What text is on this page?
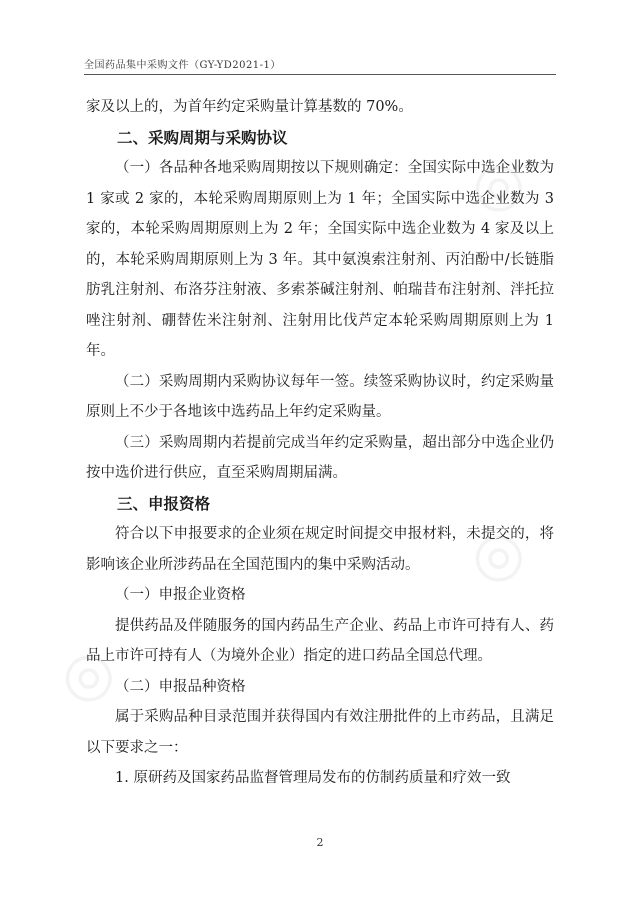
◎
◎
◎
全国药品集中采购文件（GY-YD2021-1）

家及以上的，为首年约定采购量计算基数的 70%。

二、采购周期与采购协议

（一）各品种各地采购周期按以下规则确定：全国实际中选企业数为 1 家或 2 家的，本轮采购周期原则上为 1 年；全国实际中选企业数为 3 家的，本轮采购周期原则上为 2 年；全国实际中选企业数为 4 家及以上的，本轮采购周期原则上为 3 年。其中氨溴索注射剂、丙泊酚中/长链脂肪乳注射剂、布洛芬注射液、多索茶碱注射剂、帕瑞昔布注射剂、泮托拉唑注射剂、硼替佐米注射剂、注射用比伐芦定本轮采购周期原则上为 1 年。

（二）采购周期内采购协议每年一签。续签采购协议时，约定采购量原则上不少于各地该中选药品上年约定采购量。

（三）采购周期内若提前完成当年约定采购量，超出部分中选企业仍按中选价进行供应，直至采购周期届满。

三、申报资格

符合以下申报要求的企业须在规定时间提交申报材料，未提交的，将影响该企业所涉药品在全国范围内的集中采购活动。

（一）申报企业资格

提供药品及伴随服务的国内药品生产企业、药品上市许可持有人、药品上市许可持有人（为境外企业）指定的进口药品全国总代理。

（二）申报品种资格

属于采购品种目录范围并获得国内有效注册批件的上市药品，且满足以下要求之一：

1. 原研药及国家药品监督管理局发布的仿制药质量和疗效一致

2
